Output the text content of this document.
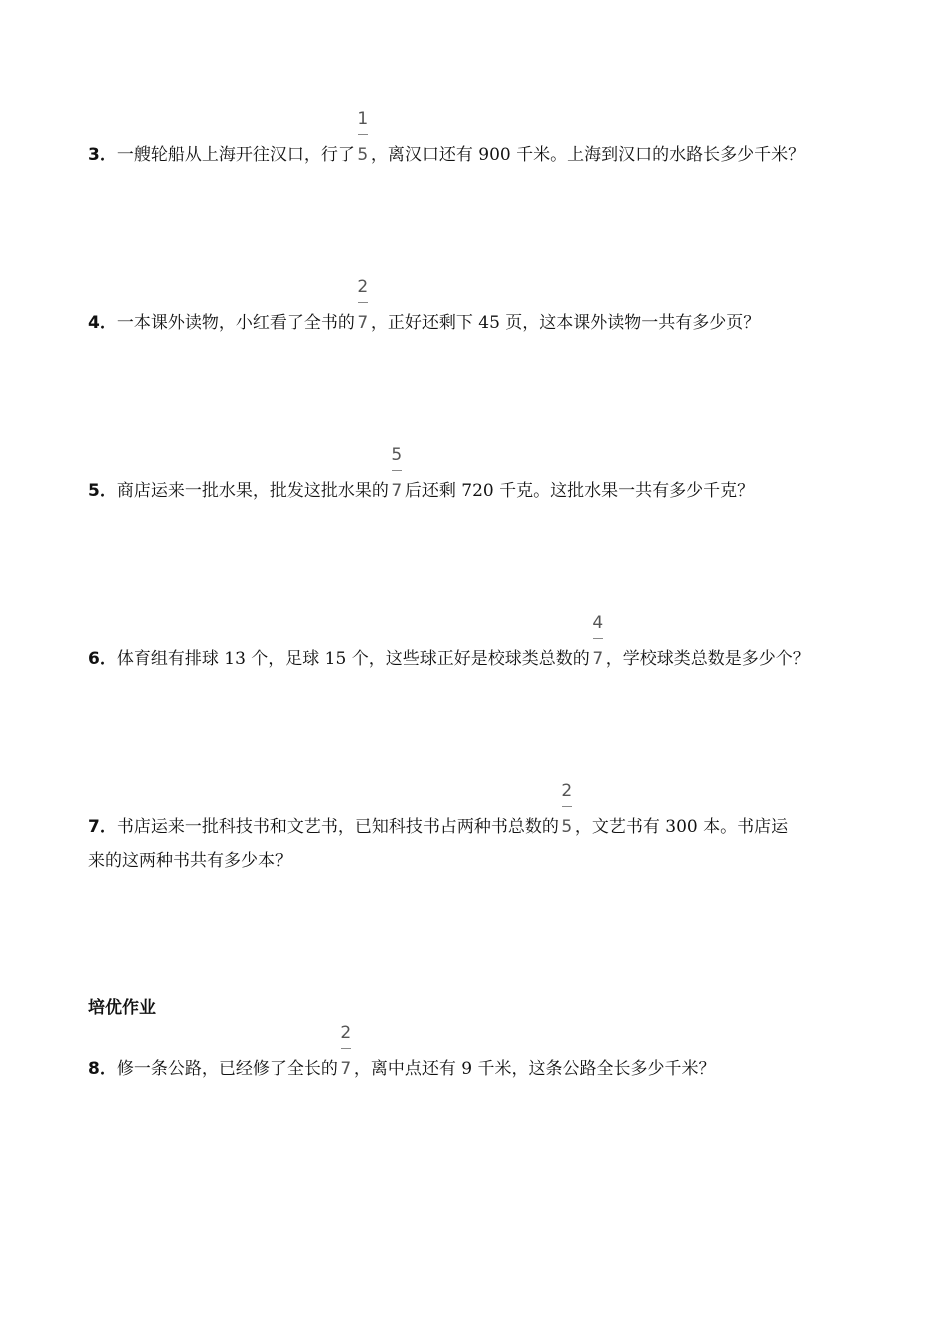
3．一艘轮船从上海开往汉口，行了 $\frac{1}{5}$ ，离汉口还有 900 千米。上海到汉口的水路长多少千米？
4．一本课外读物，小红看了全书的 $\frac{2}{7}$ ，正好还剩下 45 页，这本课外读物一共有多少页？
5．商店运来一批水果，批发这批水果的 $\frac{5}{7}$ 后还剩 720 千克。这批水果一共有多少千克？
6．体育组有排球 13 个，足球 15 个，这些球正好是校球类总数的 $\frac{4}{7}$ ，学校球类总数是多少个？
7．书店运来一批科技书和文艺书，已知科技书占两种书总数的 $\frac{2}{5}$ ，文艺书有 300 本。书店运
来的这两种书共有多少本？
培优作业
8．修一条公路，已经修了全长的 $\frac{2}{7}$ ，离中点还有 9 千米，这条公路全长多少千米？
